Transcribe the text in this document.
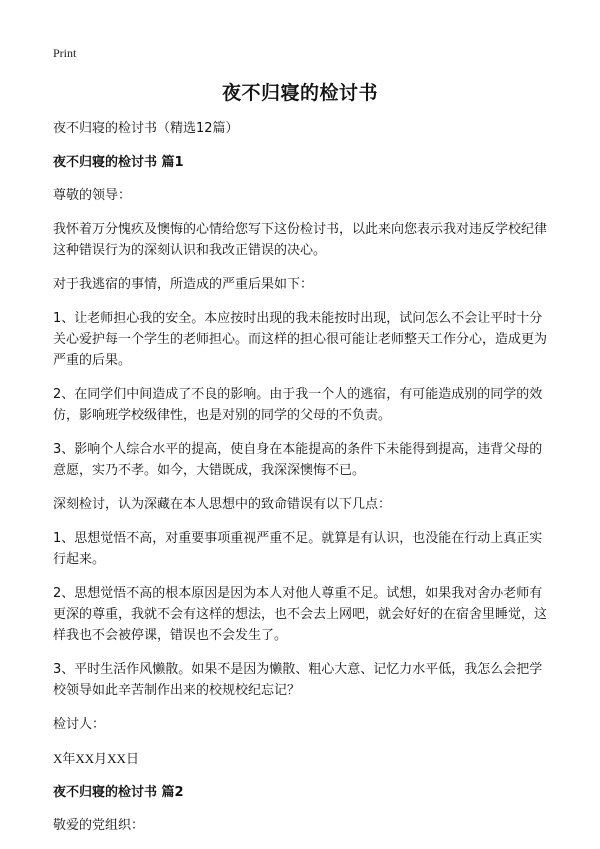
Print
夜不归寝的检讨书

夜不归寝的检讨书（精选12篇）

夜不归寝的检讨书 篇1

尊敬的领导：

我怀着万分愧疚及懊悔的心情给您写下这份检讨书，以此来向您表示我对违反学校纪律这种错误行为的深刻认识和我改正错误的决心。

对于我逃宿的事情，所造成的严重后果如下：

1、让老师担心我的安全。本应按时出现的我未能按时出现，试问怎么不会让平时十分关心爱护每一个学生的老师担心。而这样的担心很可能让老师整天工作分心，造成更为严重的后果。

2、在同学们中间造成了不良的影响。由于我一个人的逃宿，有可能造成别的同学的效仿，影响班学校级律性，也是对别的同学的父母的不负责。

3、影响个人综合水平的提高，使自身在本能提高的条件下未能得到提高，违背父母的意愿，实乃不孝。如今，大错既成，我深深懊悔不已。

深刻检讨，认为深藏在本人思想中的致命错误有以下几点：

1、思想觉悟不高，对重要事项重视严重不足。就算是有认识，也没能在行动上真正实行起来。

2、思想觉悟不高的根本原因是因为本人对他人尊重不足。试想，如果我对舍办老师有更深的尊重，我就不会有这样的想法，也不会去上网吧，就会好好的在宿舍里睡觉，这样我也不会被停课，错误也不会发生了。

3、平时生活作风懒散。如果不是因为懒散、粗心大意、记忆力水平低，我怎么会把学校领导如此辛苦制作出来的校规校纪忘记？

检讨人：

X年XX月XX日

夜不归寝的检讨书 篇2

敬爱的党组织：
